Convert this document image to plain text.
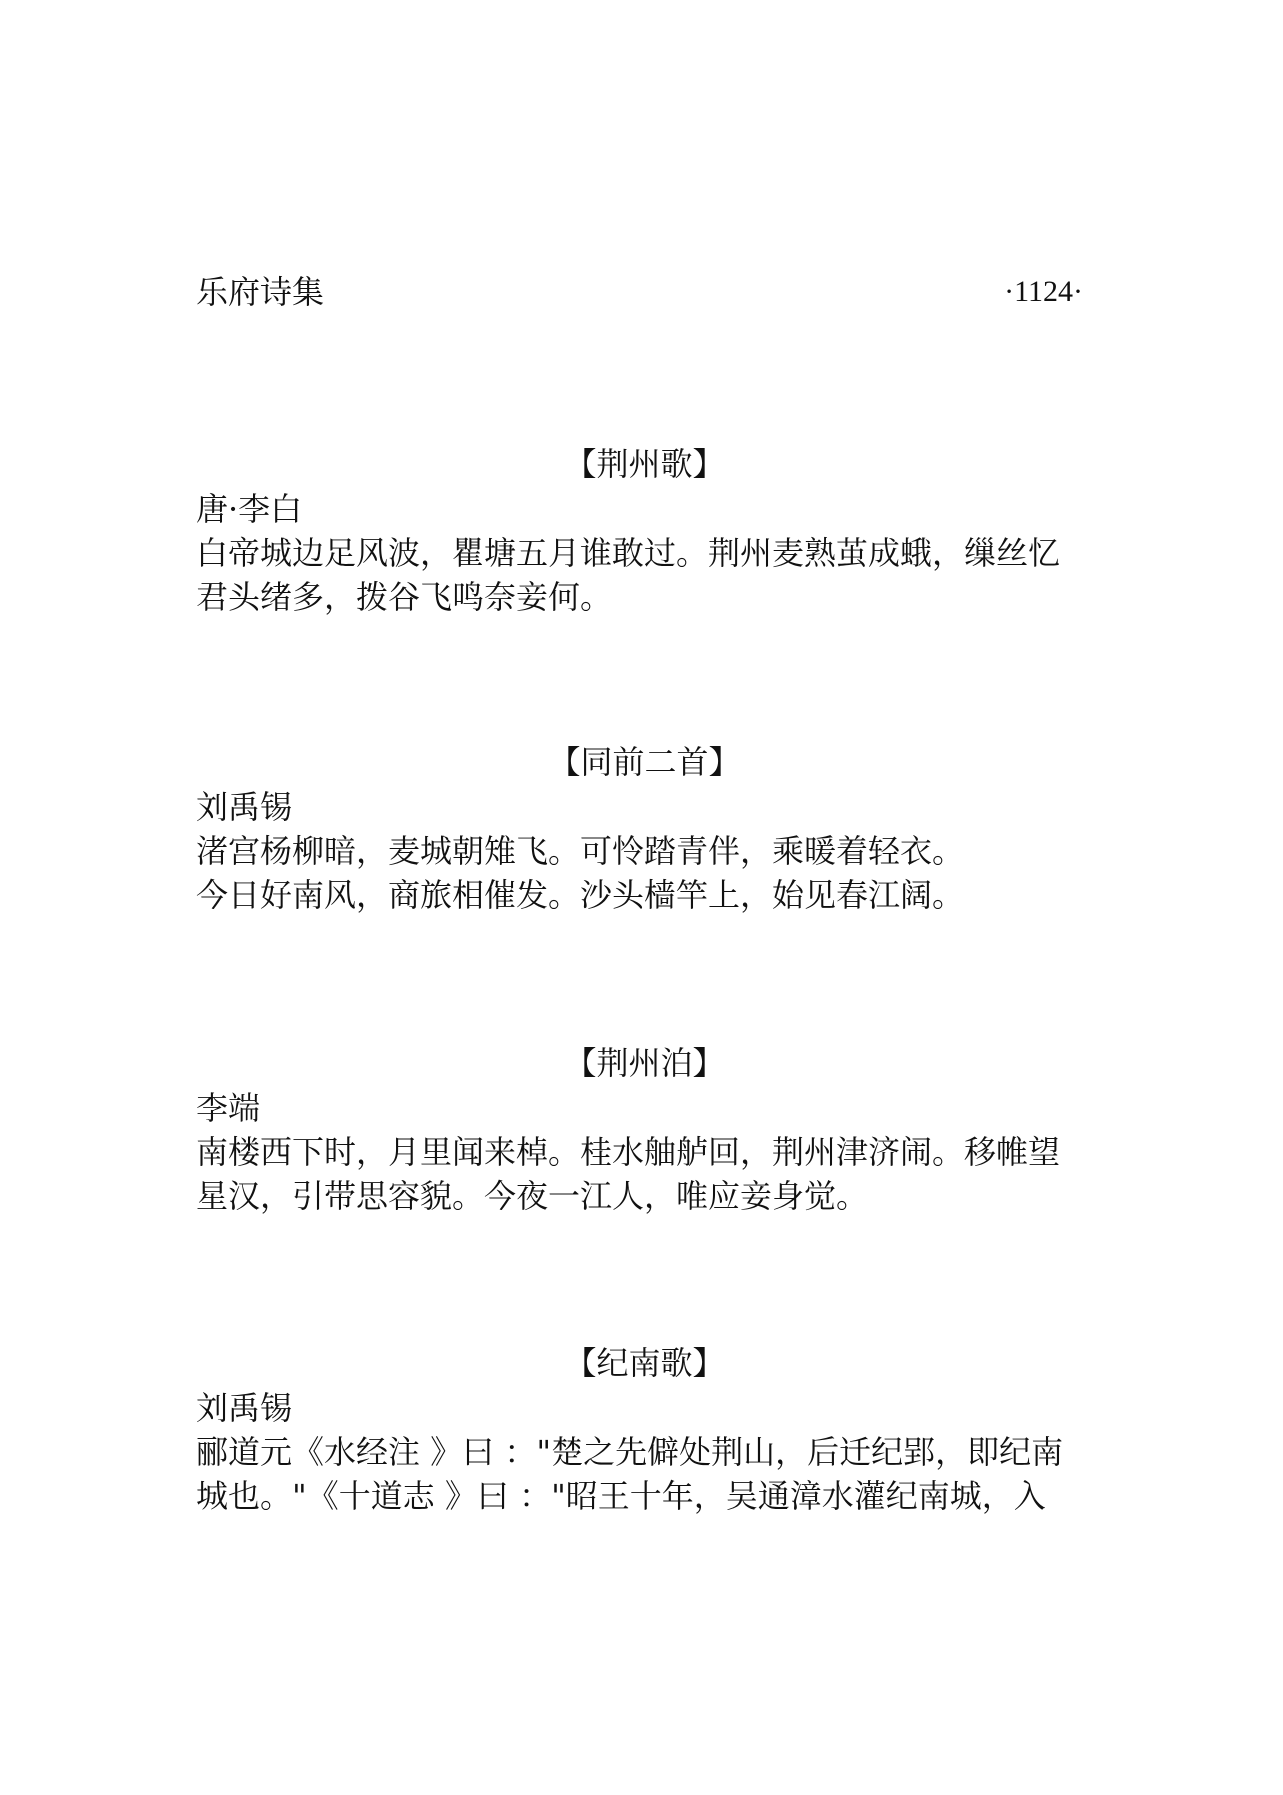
乐府诗集	·1124·
【荆州歌】
唐·李白
白帝城边足风波，瞿塘五月谁敢过。荆州麦熟茧成蛾，缫丝忆
君头绪多，拨谷飞鸣奈妾何。
【同前二首】
刘禹锡
渚宫杨柳暗，麦城朝雉飞。可怜踏青伴，乘暖着轻衣。
今日好南风，商旅相催发。沙头樯竿上，始见春江阔。
【荆州泊】
李端
南楼西下时，月里闻来棹。桂水舳舻回，荆州津济闹。移帷望
星汉，引带思容貌。今夜一江人，唯应妾身觉。
【纪南歌】
刘禹锡
郦道元《水经注 》曰 ："楚之先僻处荆山，后迁纪郢，即纪南
城也。"《十道志 》曰 ："昭王十年，吴通漳水灌纪南城，入
